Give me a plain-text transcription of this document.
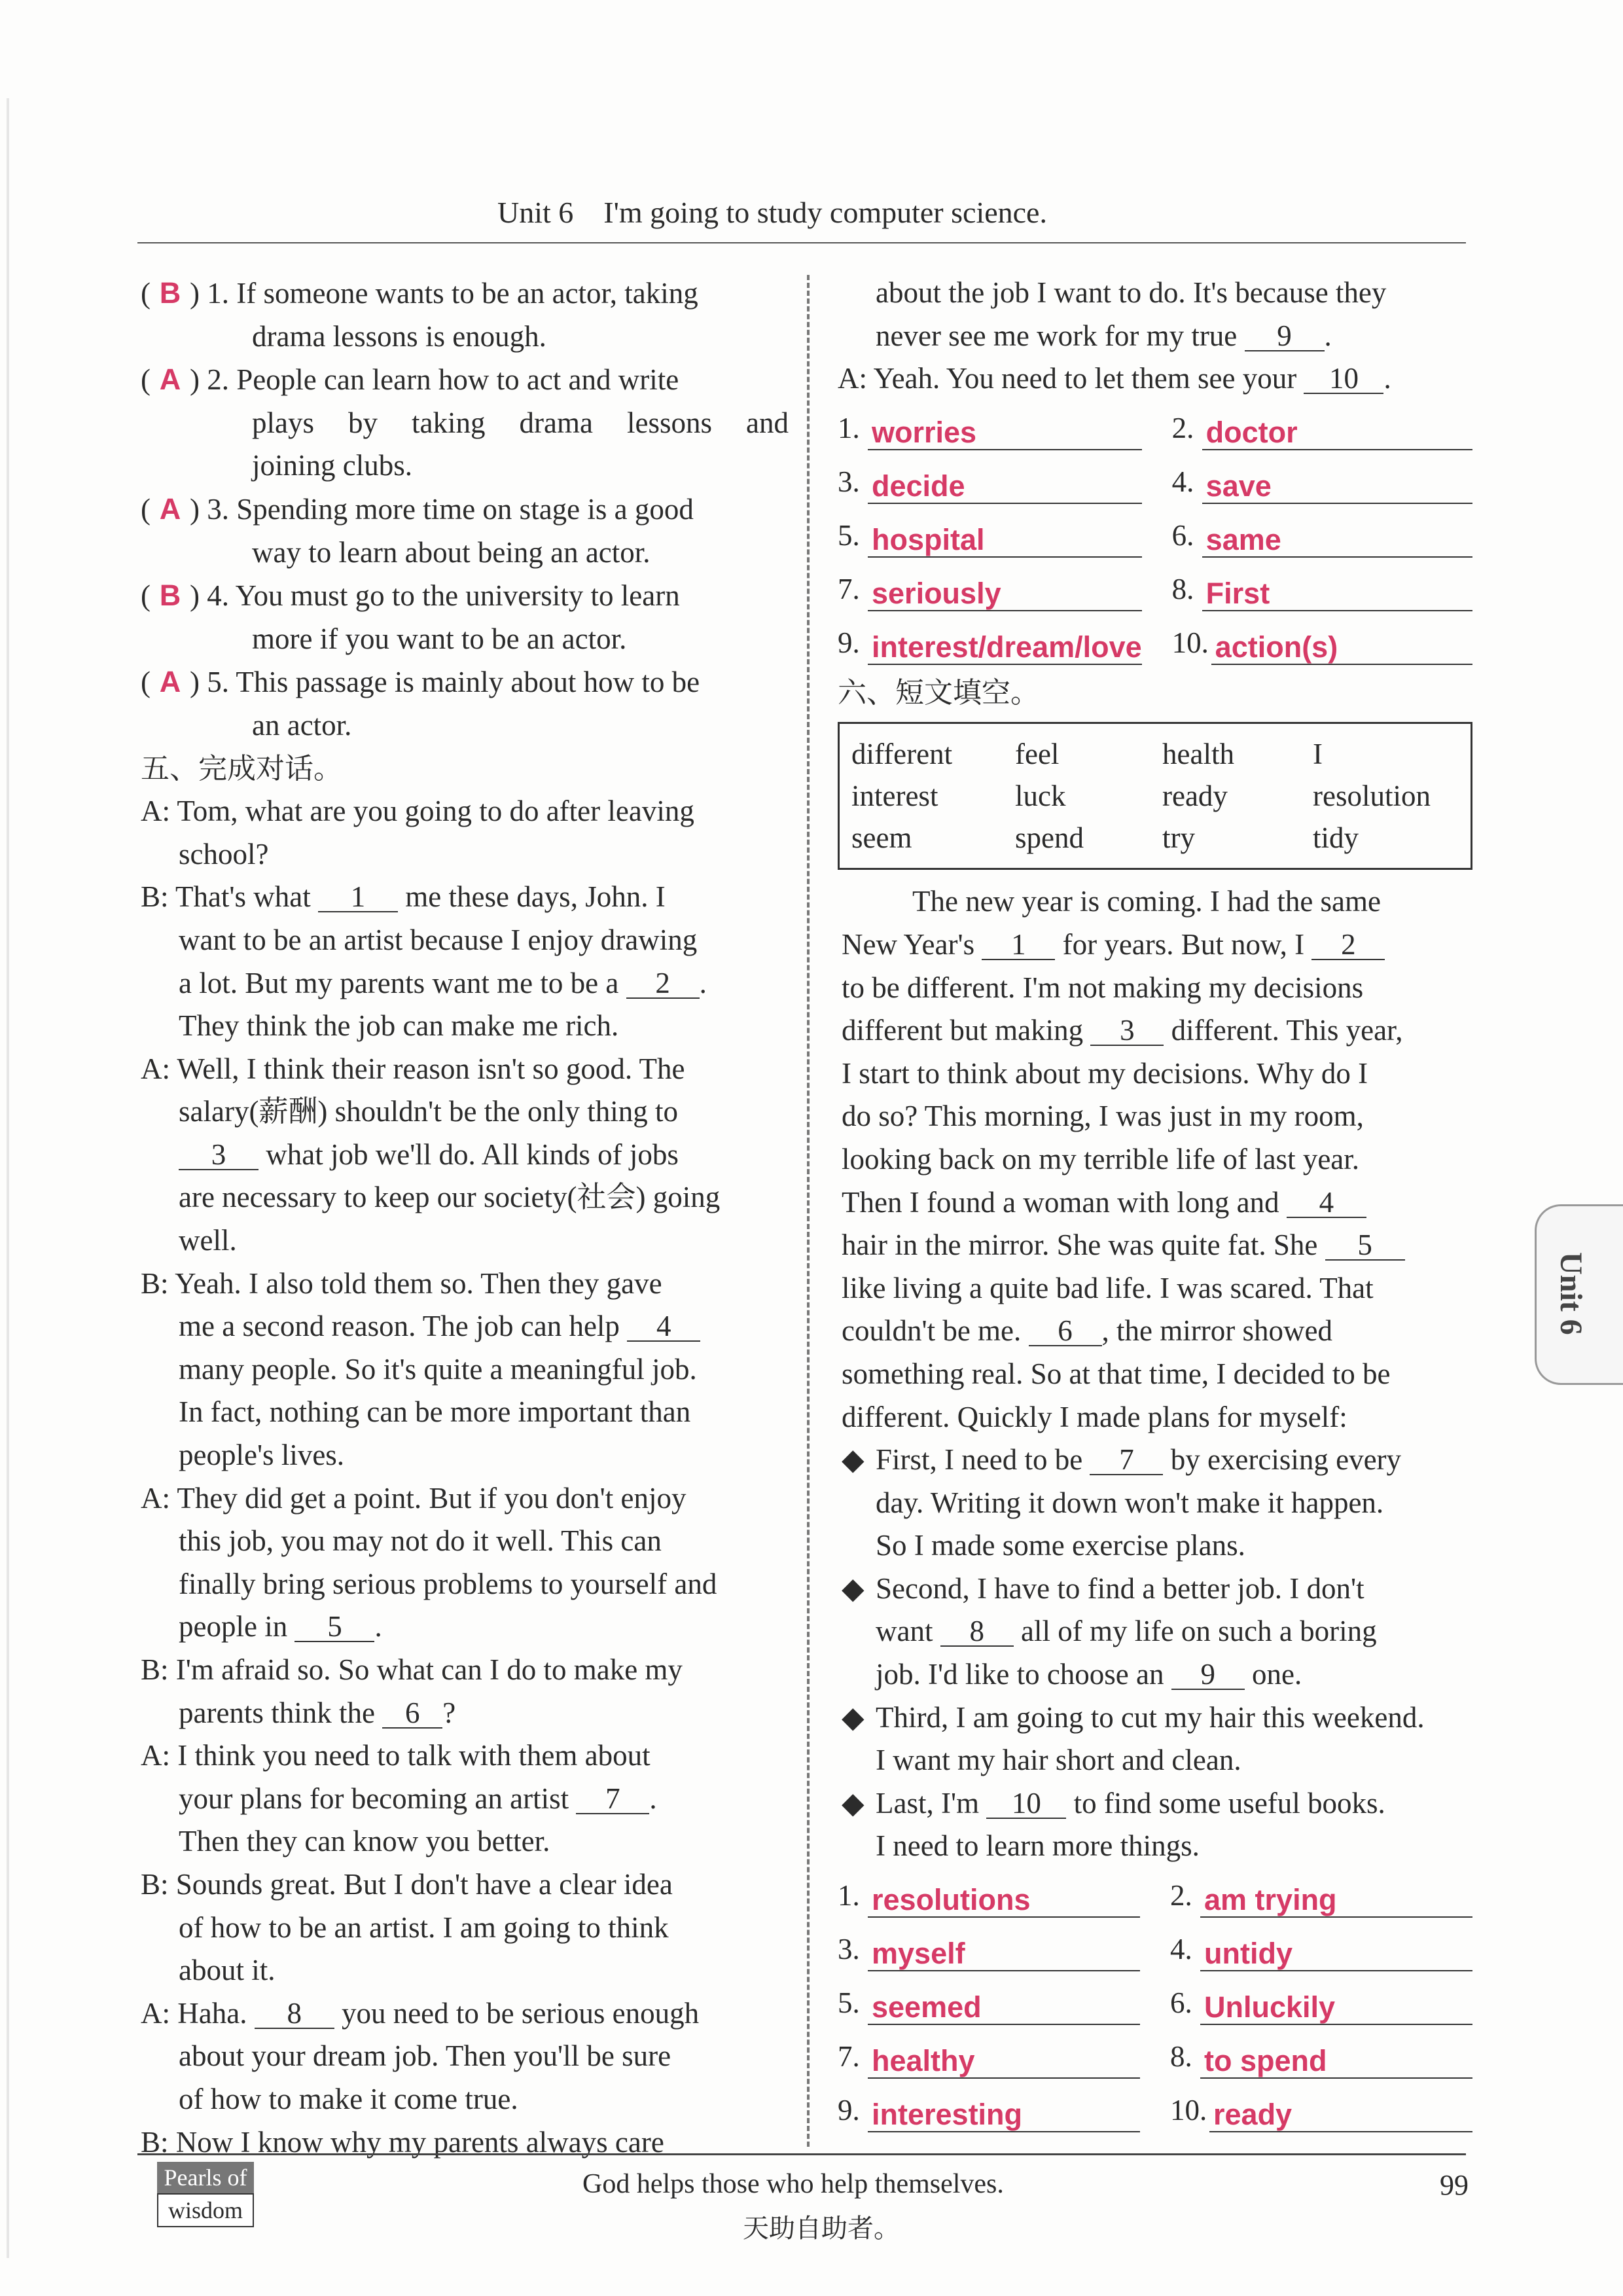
Unit 6    I'm going to study computer science.
( B ) 1. If someone wants to be an actor, taking
drama lessons is enough.
( A ) 2. People can learn how to act and write
plays by taking drama lessons and
joining clubs.
( A ) 3. Spending more time on stage is a good
way to learn about being an actor.
( B ) 4. You must go to the university to learn
more if you want to be an actor.
( A ) 5. This passage is mainly about how to be
an actor.
五、完成对话。
A: Tom, what are you going to do after leaving
school?
B: That's what 1 me these days, John. I
want to be an artist because I enjoy drawing
a lot. But my parents want me to be a 2 .
They think the job can make me rich.
A: Well, I think their reason isn't so good. The
salary(薪酬) shouldn't be the only thing to
3 what job we'll do. All kinds of jobs
are necessary to keep our society(社会) going
well.
B: Yeah. I also told them so. Then they gave
me a second reason. The job can help 4
many people. So it's quite a meaningful job.
In fact, nothing can be more important than
people's lives.
A: They did get a point. But if you don't enjoy
this job, you may not do it well. This can
finally bring serious problems to yourself and
people in 5 .
B: I'm afraid so. So what can I do to make my
parents think the 6 ?
A: I think you need to talk with them about
your plans for becoming an artist 7 .
Then they can know you better.
B: Sounds great. But I don't have a clear idea
of how to be an artist. I am going to think
about it.
A: Haha. 8 you need to be serious enough
about your dream job. Then you'll be sure
of how to make it come true.
B: Now I know why my parents always care
about the job I want to do. It's because they
never see me work for my true 9 .
A: Yeah. You need to let them see your 10 .
1. worries	2. doctor
3. decide	4. save
5. hospital	6. same
7. seriously	8. First
9. interest/dream/love 10. action(s)
六、短文填空。
different	feel	health	I
interest	luck	ready	resolution
seem	spend	try	tidy
The new year is coming. I had the same
New Year's 1 for years. But now, I 2
to be different. I'm not making my decisions
different but making 3 different. This year,
I start to think about my decisions. Why do I
do so? This morning, I was just in my room,
looking back on my terrible life of last year.
Then I found a woman with long and 4
hair in the mirror. She was quite fat. She 5
like living a quite bad life. I was scared. That
couldn't be me. 6 , the mirror showed
something real. So at that time, I decided to be
different. Quickly I made plans for myself:
◆ First, I need to be 7 by exercising every
day. Writing it down won't make it happen.
So I made some exercise plans.
◆ Second, I have to find a better job. I don't
want 8 all of my life on such a boring
job. I'd like to choose an 9 one.
◆ Third, I am going to cut my hair this weekend.
I want my hair short and clean.
◆ Last, I'm 10 to find some useful books.
I need to learn more things.
1. resolutions	2. am trying
3. myself	4. untidy
5. seemed	6. Unluckily
7. healthy	8. to spend
9. interesting	10. ready
Unit 6
Pearls of
wisdom
God helps those who help themselves.
天助自助者。
99
